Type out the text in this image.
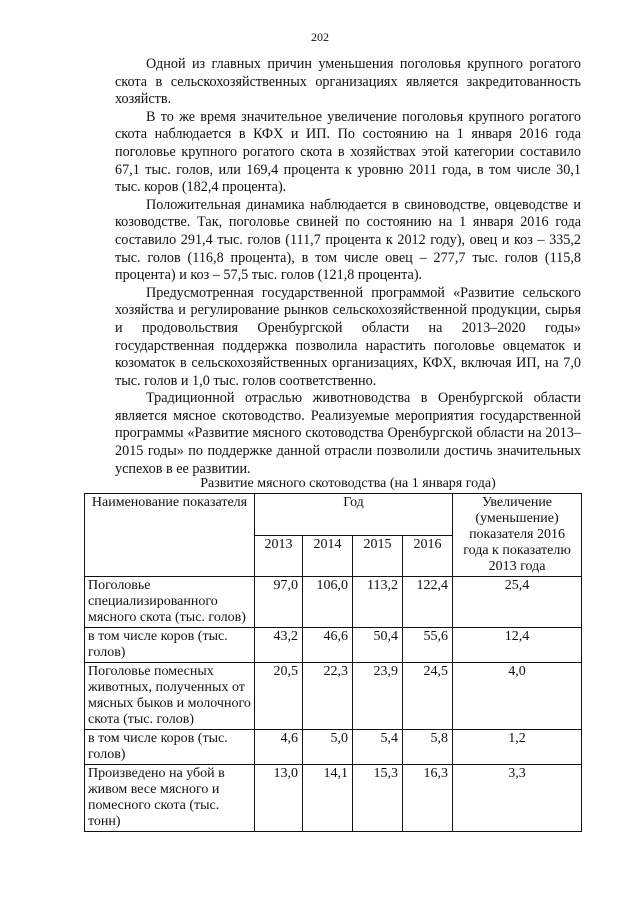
202

Одной из главных причин уменьшения поголовья крупного рогатого скота в сельскохозяйственных организациях является закредитованность хозяйств.

В то же время значительное увеличение поголовья крупного рогатого скота наблюдается в КФХ и ИП. По состоянию на 1 января 2016 года поголовье крупного рогатого скота в хозяйствах этой категории составило 67,1 тыс. голов, или 169,4 процента к уровню 2011 года, в том числе 30,1 тыс. коров (182,4 процента).

Положительная динамика наблюдается в свиноводстве, овцеводстве и козоводстве. Так, поголовье свиней по состоянию на 1 января 2016 года составило 291,4 тыс. голов (111,7 процента к 2012 году), овец и коз – 335,2 тыс. голов (116,8 процента), в том числе овец – 277,7 тыс. голов (115,8 процента) и коз – 57,5 тыс. голов (121,8 процента).

Предусмотренная государственной программой «Развитие сельского хозяйства и регулирование рынков сельскохозяйственной продукции, сырья и продовольствия Оренбургской области на 2013–2020 годы» государственная поддержка позволила нарастить поголовье овцематок и козоматок в сельскохозяйственных организациях, КФХ, включая ИП, на 7,0 тыс. голов и 1,0 тыс. голов соответственно.

Традиционной отраслью животноводства в Оренбургской области является мясное скотоводство. Реализуемые мероприятия государственной программы «Развитие мясного скотоводства Оренбургской области на 2013–2015 годы» по поддержке данной отрасли позволили достичь значительных успехов в ее развитии.

Развитие мясного скотоводства (на 1 января года)
Наименование показателя	Год				Увеличение (уменьшение) показателя 2016 года к показателю 2013 года
	2013	2014	2015	2016	
Поголовье специализированного мясного скота (тыс. голов)	97,0	106,0	113,2	122,4	25,4
в том числе коров (тыс. голов)	43,2	46,6	50,4	55,6	12,4
Поголовье помесных животных, полученных от мясных быков и молочного скота (тыс. голов)	20,5	22,3	23,9	24,5	4,0
в том числе коров (тыс. голов)	4,6	5,0	5,4	5,8	1,2
Произведено на убой в живом весе мясного и помесного скота (тыс. тонн)	13,0	14,1	15,3	16,3	3,3
